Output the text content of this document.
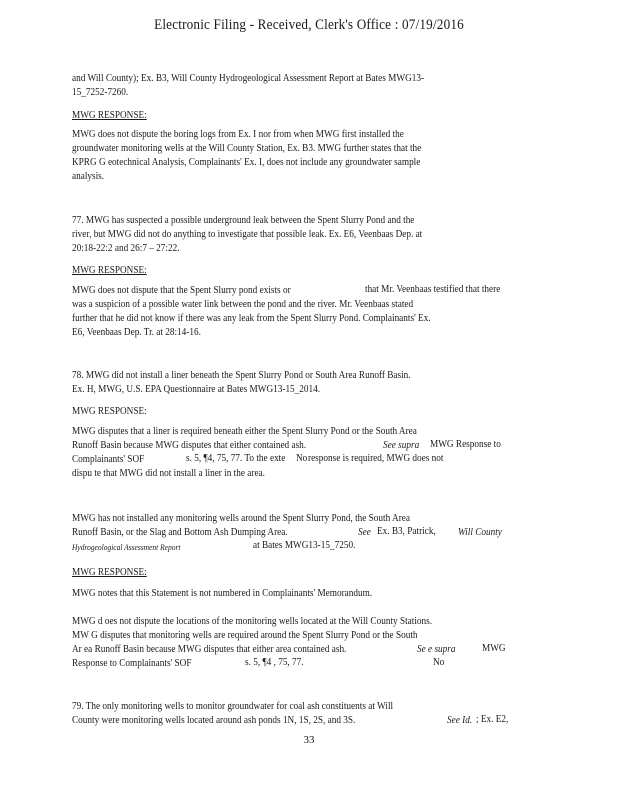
Electronic Filing - Received, Clerk's Office : 07/19/2016
and Will County); Ex. B3, Will County Hydrogeological Assessment Report at Bates MWG13-
15_7252-7260.
MWG RESPONSE:
MWG does not dispute the boring logs from Ex. I nor from when MWG first installed the
groundwater monitoring wells at the Will County Station, Ex. B3. MWG further states that the
KPRG G eotechnical Analysis, Complainants' Ex. I, does not include any groundwater sample
analysis.
77. MWG has suspected a possible underground leak between the Spent Slurry Pond and the
river, but MWG did not do anything to investigate that possible leak. Ex. E6, Veenbaas Dep. at
20:18-22:2 and 26:7 – 27:22.
MWG RESPONSE:
MWG does not dispute that the Spent Slurry pond exists or	that Mr. Veenbaas testified that there
was a suspicion of a possible water link between the pond and the river. Mr. Veenbaas stated
further that he did not know if there was any leak from the Spent Slurry Pond. Complainants' Ex.
E6, Veenbaas Dep. Tr. at 28:14-16.
78. MWG did not install a liner beneath the Spent Slurry Pond or South Area Runoff Basin.
Ex. H, MWG, U.S. EPA Questionnaire at Bates MWG13-15_2014.
MWG RESPONSE:
MWG disputes that a liner is required beneath either the Spent Slurry Pond or the South Area
Runoff Basin because MWG disputes that either contained ash.	See supra MWG Response to
Complainants' SOF	s. 5, ¶4, 75, 77. To the exte No response is required, MWG does not
dispu te that MWG did not install a liner in the area.
MWG has not installed any monitoring wells around the Spent Slurry Pond, the South Area
Runoff Basin, or the Slag and Bottom Ash Dumping Area.	See Ex. B3, Patrick, Will County
Hydrogeological Assessment Report	at Bates MWG13-15_7250.
MWG RESPONSE:
MWG notes that this Statement is not numbered in Complainants' Memorandum.
MWG d oes not dispute the locations of the monitoring wells located at the Will County Stations.
MW G disputes that monitoring wells are required around the Spent Slurry Pond or the South
Ar ea Runoff Basin because MWG disputes that either area contained ash.	Se e supra	MWG
Response to Complainants' SOF	s. 5, ¶4 , 75, 77.	No
79. The only monitoring wells to monitor groundwater for coal ash constituents at Will
County were monitoring wells located around ash ponds 1N, 1S, 2S, and 3S.	See Id. ; Ex. E2,
33
